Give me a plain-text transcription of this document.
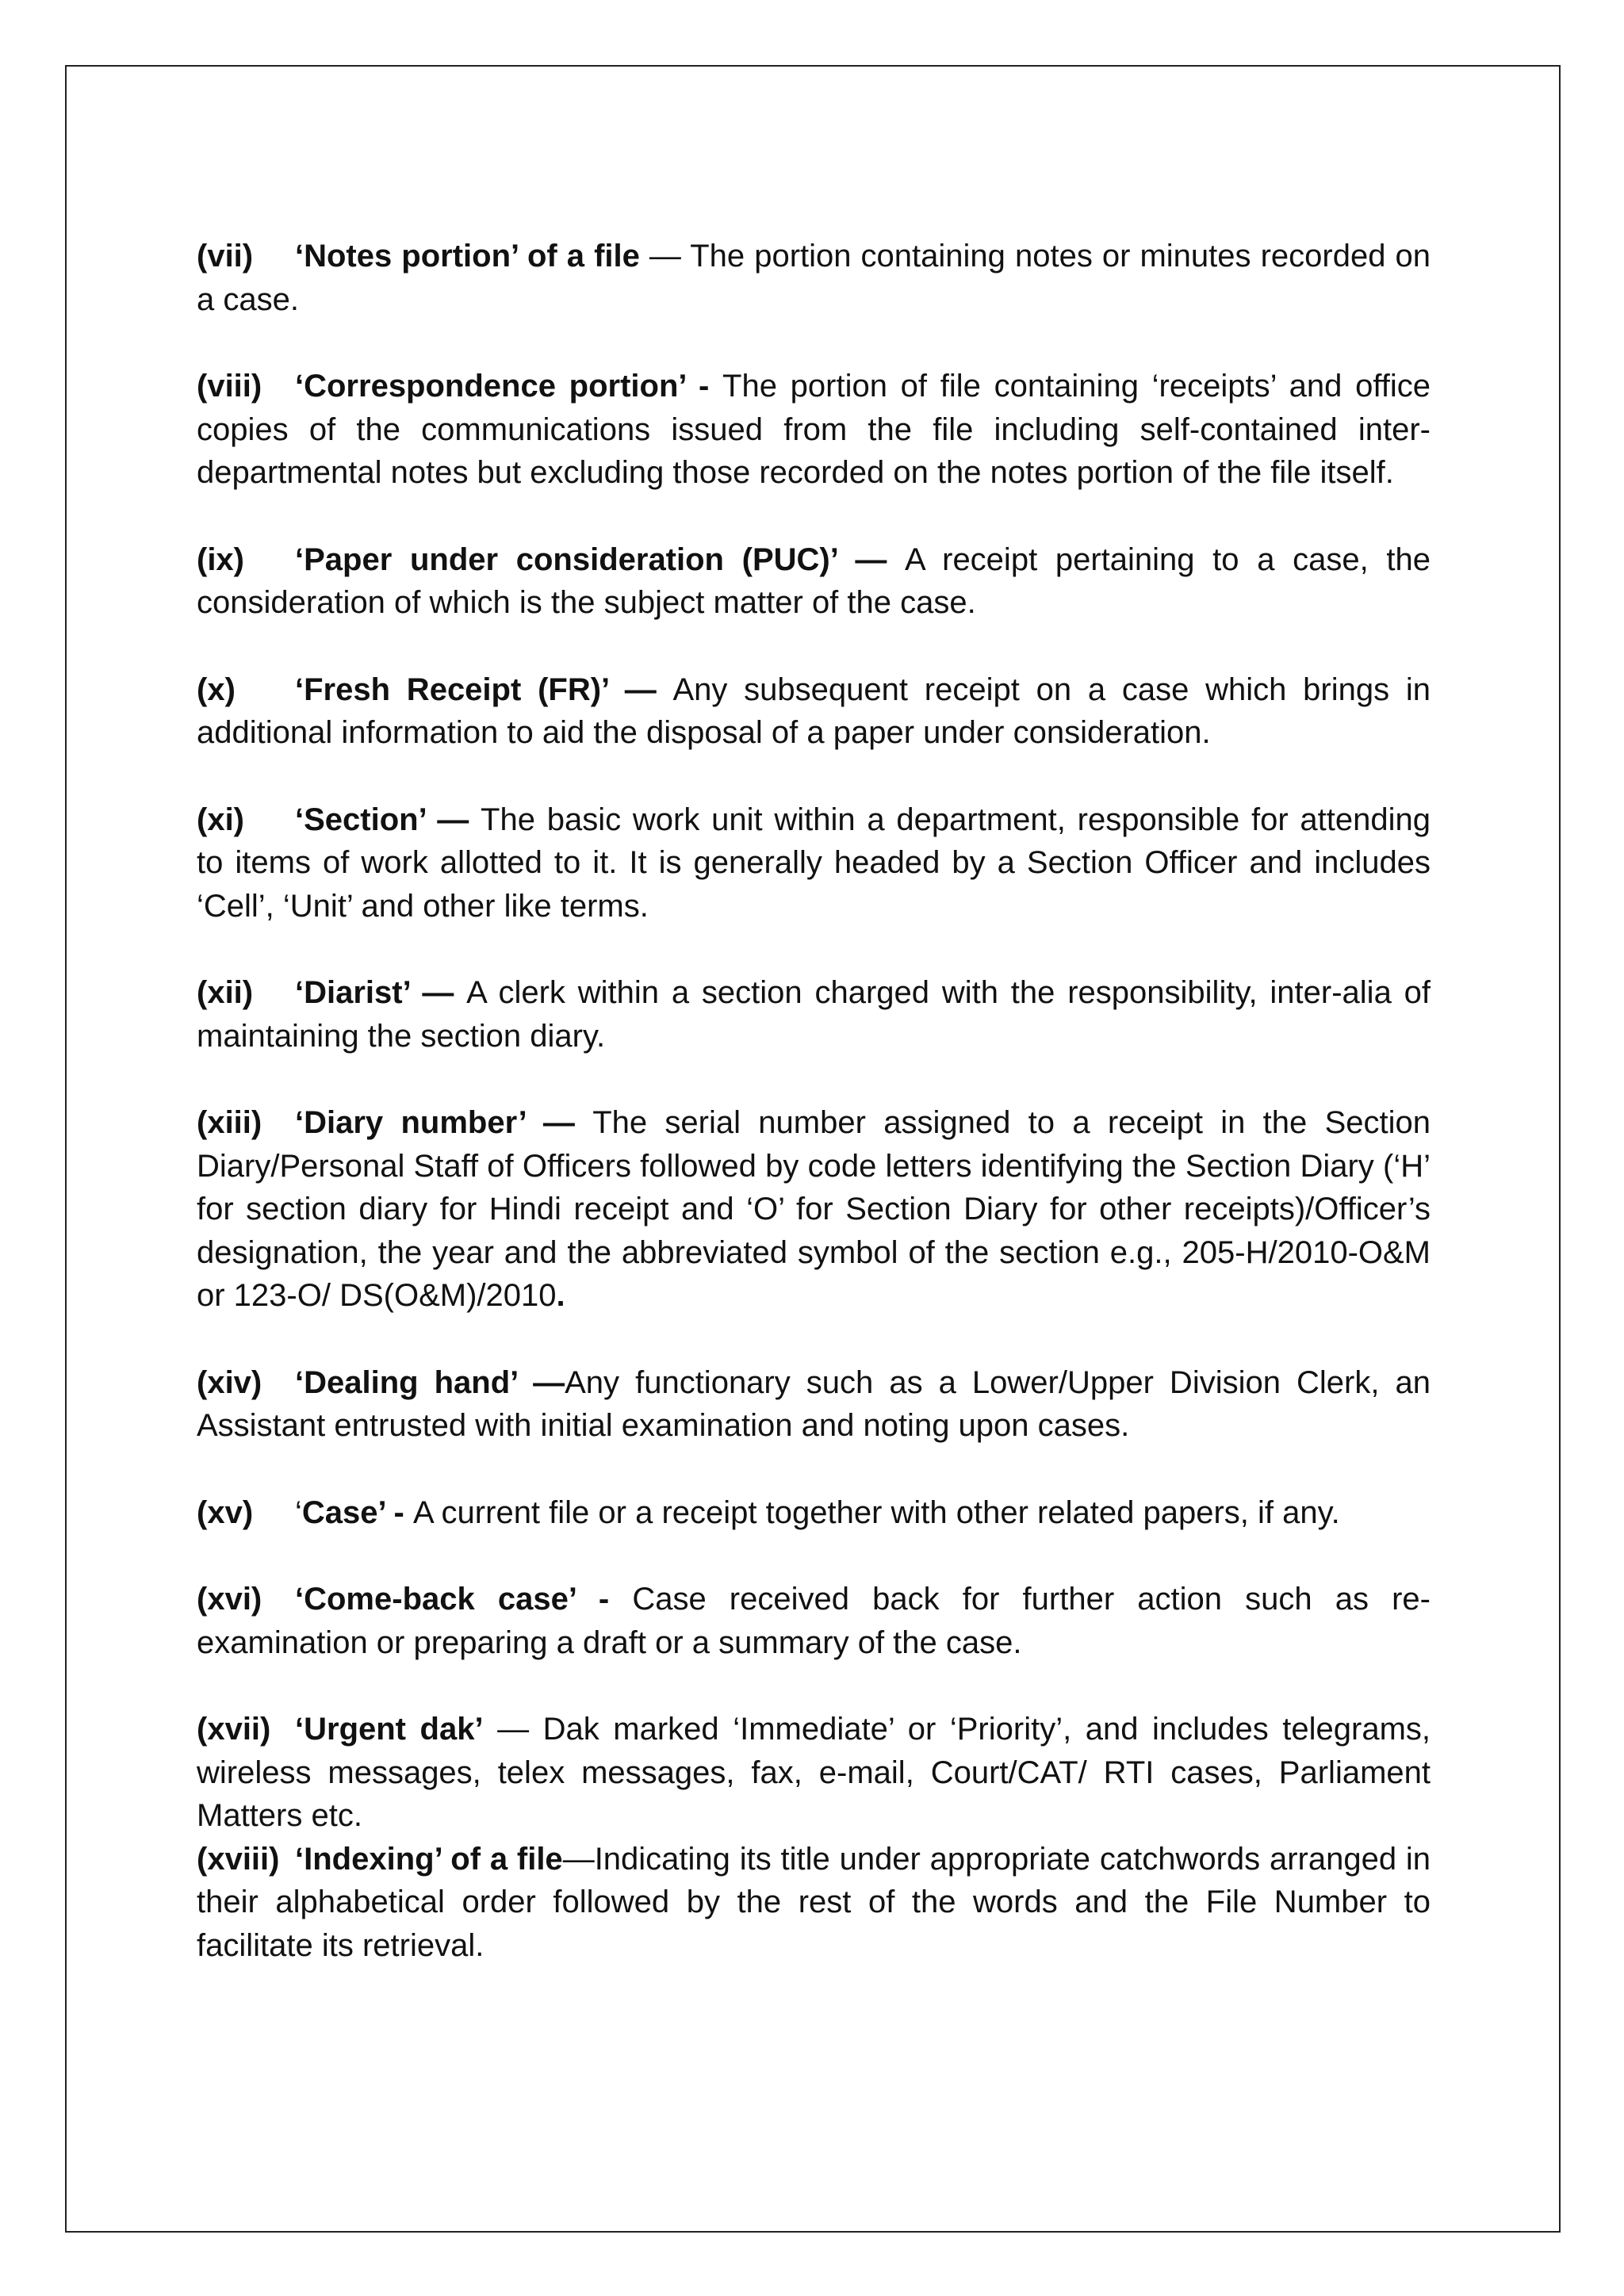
(vii) ‘Notes portion’ of a file — The portion containing notes or minutes recorded on a case.

(viii) ‘Correspondence portion’ - The portion of file containing ‘receipts’ and office copies of the communications issued from the file including self-contained inter-departmental notes but excluding those recorded on the notes portion of the file itself.

(ix) ‘Paper under consideration (PUC)’ — A receipt pertaining to a case, the consideration of which is the subject matter of the case.

(x) ‘Fresh Receipt (FR)’ — Any subsequent receipt on a case which brings in additional information to aid the disposal of a paper under consideration.

(xi) ‘Section’ — The basic work unit within a department, responsible for attending to items of work allotted to it. It is generally headed by a Section Officer and includes ‘Cell’, ‘Unit’ and other like terms.

(xii) ‘Diarist’ — A clerk within a section charged with the responsibility, inter-alia of maintaining the section diary.

(xiii) ‘Diary number’ — The serial number assigned to a receipt in the Section Diary/Personal Staff of Officers followed by code letters identifying the Section Diary (‘H’ for section diary for Hindi receipt and ‘O’ for Section Diary for other receipts)/Officer’s designation, the year and the abbreviated symbol of the section e.g., 205-H/2010-O&M or 123-O/ DS(O&M)/2010.

(xiv) ‘Dealing hand’ —Any functionary such as a Lower/Upper Division Clerk, an Assistant entrusted with initial examination and noting upon cases.

(xv) ‘Case’ - A current file or a receipt together with other related papers, if any.

(xvi) ‘Come-back case’ - Case received back for further action such as re-examination or preparing a draft or a summary of the case.

(xvii) ‘Urgent dak’ — Dak marked ‘Immediate’ or ‘Priority’, and includes telegrams, wireless messages, telex messages, fax, e-mail, Court/CAT/ RTI cases, Parliament Matters etc.

(xviii) ‘Indexing’ of a file—Indicating its title under appropriate catchwords arranged in their alphabetical order followed by the rest of the words and the File Number to facilitate its retrieval.
